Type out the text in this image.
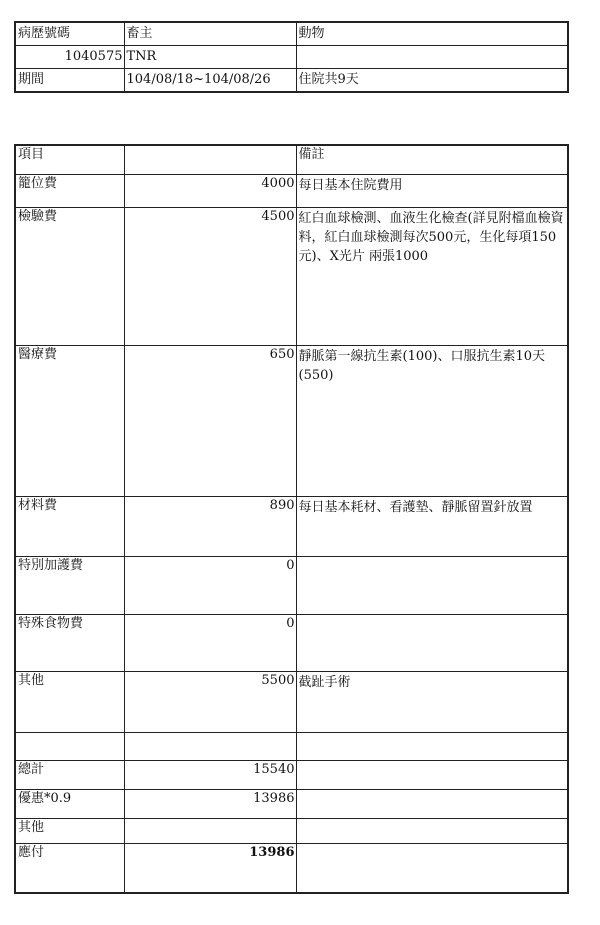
病歷號碼	畜主	動物
1040575	TNR	
期間	104/08/18~104/08/26	住院共9天
項目		備註
籠位費	4000	每日基本住院費用
檢驗費	4500	紅白血球檢測、血液生化檢查(詳見附檔血檢資料，紅白血球檢測每次500元，生化每項150元)、X光片 兩張1000
醫療費	650	靜脈第一線抗生素(100)、口服抗生素10天(550)
材料費	890	每日基本耗材、看護墊、靜脈留置針放置
特別加護費	0	
特殊食物費	0	
其他	5500	截趾手術

總計	15540	
優惠*0.9	13986	
其他		
應付	13986	
